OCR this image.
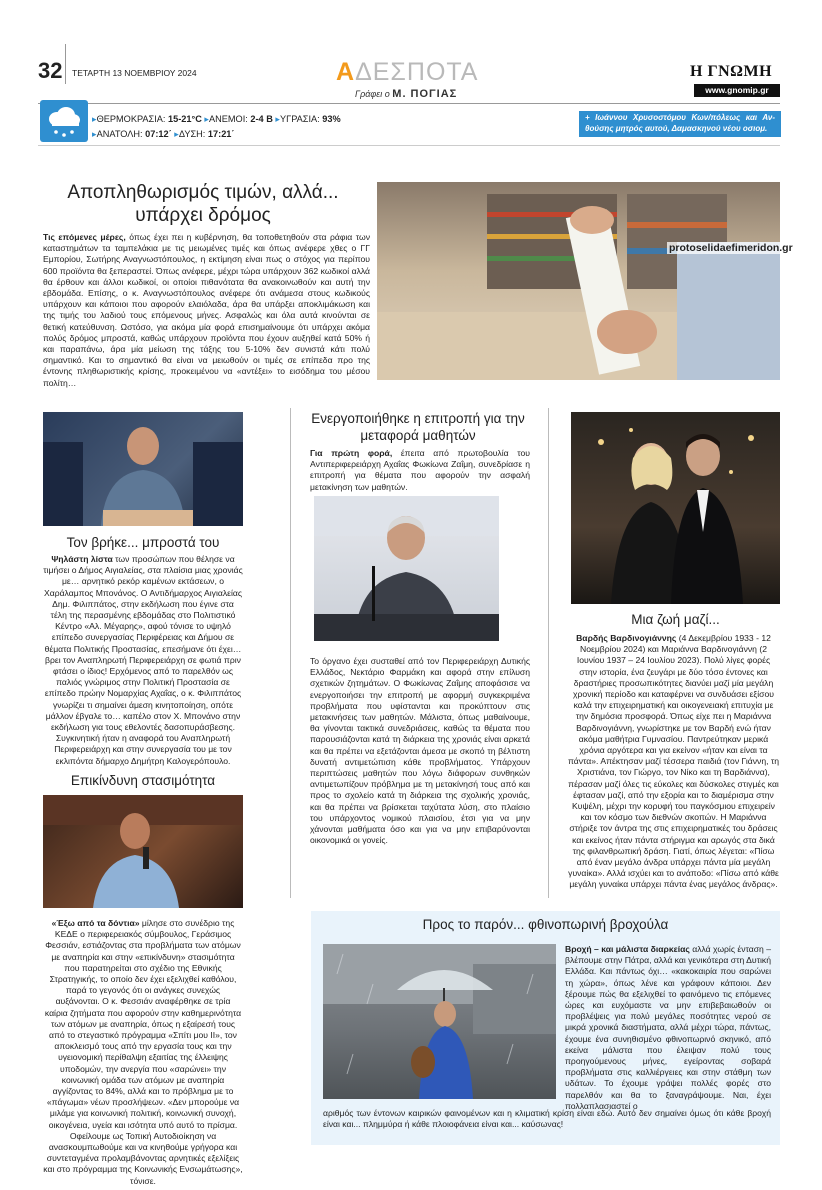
32 ΤΕΤΑΡΤΗ 13 ΝΟΕΜΒΡΙΟΥ 2024	ΑΔΕΣΠΟΤΑ
Γράφει ο Μ. ΠΟΓΙΑΣ
Η ΓΝΩΜΗ
www.gnomip.gr
▸ΘΕΡΜΟΚΡΑΣΙΑ: 15-21°C ▸ΑΝΕΜΟΙ: 2-4 Β ▸ΥΓΡΑΣΙΑ: 93%
▸ΑΝΑΤΟΛΗ: 07:12΄ ▸ΔΥΣΗ: 17:21΄
+ Ιωάννου Χρυσοστόμου Κων/πόλεως και Αν- θούσης μητρός αυτού, Δαμασκηνού νέου οσιομ.
Αποπληθωρισμός τιμών, αλλά... υπάρχει δρόμος
Τις επόμενες μέρες, όπως έχει πει η κυβέρνηση, θα τοποθετηθούν στα ράφια των καταστημάτων τα ταμπελάκια με τις μειωμένες τιμές και όπως ανέφερε χθες ο ΓΓ Εμπορίου, Σωτήρης Αναγνωστόπουλος, η εκτίμηση είναι πως ο στόχος για περίπου 600 προϊόντα θα ξεπεραστεί. Όπως ανέφερε, μέχρι τώρα υπάρχουν 362 κωδικοί αλλά θα έρθουν και άλλοι κωδικοί, οι οποίοι πιθανότατα θα ανακοινωθούν και αυτή την εβδομάδα. Επίσης, ο κ. Αναγνωστόπουλος ανέφερε ότι ανάμεσα στους κωδικούς υπάρχουν και κάποιοι που αφορούν ελαιόλαδα, άρα θα υπάρξει αποκλιμάκωση και της τιμής του λαδιού τους επόμενους μήνες. Ασφαλώς και όλα αυτά κινούνται σε θετική κατεύθυνση. Ωστόσο, για ακόμα μία φορά επισημαίνουμε ότι υπάρχει ακόμα πολύς δρόμος μπροστά, καθώς υπάρχουν προϊόντα που έχουν αυξηθεί κατά 50% ή και παραπάνω, άρα μία μείωση της τάξης του 5-10% δεν συνιστά κάτι πολύ σημαντικό. Και το σημαντικό θα είναι να μειωθούν οι τιμές σε επίπεδα προ της έντονης πληθωριστικής κρίσης, προκειμένου να «αντέξει» το εισόδημα του μέσου πολίτη…
protoselidaefimeridon.gr
Τον βρήκε... μπροστά του
Ψηλάστη λίστα των προσώπων που θέλησε να τιμήσει ο Δήμος Αιγιαλείας, στα πλαίσια μιας χρονιάς με… αρνητικό ρεκόρ καμένων εκτάσεων, ο Χαράλαμπος Μπονάνος. Ο Αντιδήμαρχος Αιγιαλείας Δημ. Φιλιππάτος, στην εκδήλωση που έγινε στα τέλη της περασμένης εβδομάδας στο Πολιτιστικό Κέντρο «Αλ. Μέγαρης», αφού τόνισε το υψηλό επίπεδο συνεργασίας Περιφέρειας και Δήμου σε θέματα Πολιτικής Προστασίας, επεσήμανε ότι έχει… βρει τον Αναπληρωτή Περιφερειάρχη σε φωτιά πριν φτάσει ο ίδιος! Ερχόμενος από το παρελθόν ως παλιός γνώριμος στην Πολιτική Προστασία σε επίπεδο πρώην Νομαρχίας Αχαΐας, ο κ. Φιλιππάτος γνωρίζει τι σημαίνει άμεση κινητοποίηση, οπότε μάλλον έβγαλε το… καπέλο στον Χ. Μπονάνο στην εκδήλωση για τους εθελοντές δασοπυράσβεσης. Συγκινητική ήταν η αναφορά του Αναπληρωτή Περιφερειάρχη και στην συνεργασία του με τον εκλιπόντα δήμαρχο Δημήτρη Καλογερόπουλο.
Επικίνδυνη στασιμότητα
«Έξω από τα δόντια» μίλησε στο συνέδριο της ΚΕΔΕ ο περιφερειακός σύμβουλος, Γεράσιμος Φεσσιάν, εστιάζοντας στα προβλήματα των ατόμων με αναπηρία και στην «επικίνδυνη» στασιμότητα που παρατηρείται στο σχέδιο της Εθνικής Στρατηγικής, το οποίο δεν έχει εξελιχθεί καθόλου, παρά το γεγονός ότι οι ανάγκες συνεχώς αυξάνονται. Ο κ. Φεσσιάν αναφέρθηκε σε τρία καίρια ζητήματα που αφορούν στην καθημερινότητα των ατόμων με αναπηρία, όπως η εξαίρεσή τους από το στεγαστικό πρόγραμμα «Σπίτι μου ΙΙ», τον αποκλεισμό τους από την εργασία τους και την υγειονομική περίθαλψη εξαιτίας της έλλειψης υποδομών, την ανεργία που «σαρώνει» την κοινωνική ομάδα των ατόμων με αναπηρία αγγίζοντας το 84%, αλλά και το πρόβλημα με το «πάγωμα» νέων προσλήψεων. «Δεν μπορούμε να μιλάμε για κοινωνική πολιτική, κοινωνική συνοχή, οικογένεια, υγεία και ισότητα υπό αυτό το πρίσμα. Οφείλουμε ως Τοπική Αυτοδιοίκηση να ανασκουμπωθούμε και να κινηθούμε γρήγορα και συντεταγμένα προλαμβάνοντας αρνητικές εξελίξεις και στο πρόγραμμα της Κοινωνικής Ενσωμάτωσης», τόνισε.
Ενεργοποιήθηκε η επιτροπή για την μεταφορά μαθητών
Για πρώτη φορά, έπειτα από πρωτοβουλία του Αντιπεριφερειάρχη Αχαΐας Φωκίωνα Ζαΐμη, συνεδρίασε η επιτροπή για θέματα που αφορούν την ασφαλή μετακίνηση των μαθητών.
Το όργανο έχει συσταθεί από τον Περιφερειάρχη Δυτικής Ελλάδος, Νεκτάριο Φαρμάκη και αφορά στην επίλυση σχετικών ζητημάτων. Ο Φωκίωνας Ζαΐμης αποφάσισε να ενεργοποιήσει την επιτροπή με αφορμή συγκεκριμένα προβλήματα που υφίστανται και προκύπτουν στις μετακινήσεις των μαθητών. Μάλιστα, όπως μαθαίνουμε, θα γίνονται τακτικά συνεδριάσεις, καθώς τα θέματα που παρουσιάζονται κατά τη διάρκεια της χρονιάς είναι αρκετά και θα πρέπει να εξετάζονται άμεσα με σκοπό τη βέλτιστη δυνατή αντιμετώπιση κάθε προβλήματος. Υπάρχουν περιπτώσεις μαθητών που λόγω διάφορων συνθηκών αντιμετωπίζουν πρόβλημα με τη μετακίνησή τους από και προς το σχολείο κατά τη διάρκεια της σχολικής χρονιάς, και θα πρέπει να βρίσκεται ταχύτατα λύση, στο πλαίσιο του υπάρχοντος νομικού πλαισίου, έτσι για να μην χάνονται μαθήματα όσο και για να μην επιβαρύνονται οικονομικά οι γονείς.
Μια ζωή μαζί...
Βαρδής Βαρδινογιάννης (4 Δεκεμβρίου 1933 - 12 Νοεμβρίου 2024) και Μαριάννα Βαρδινογιάννη (2 Ιουνίου 1937 – 24 Ιουλίου 2023). Πολύ λίγες φορές στην ιστορία, ένα ζευγάρι με δύο τόσο έντονες και δραστήριες προσωπικότητες διανύει μαζί μία μεγάλη χρονική περίοδο και καταφέρνει να συνδυάσει εξίσου καλά την επιχειρηματική και οικογενειακή επιτυχία με την δημόσια προσφορά. Όπως είχε πει η Μαριάννα Βαρδινογιάννη, γνωρίστηκε με τον Βαρδή ενώ ήταν ακόμα μαθήτρια Γυμνασίου. Παντρεύτηκαν μερικά χρόνια αργότερα και για εκείνον «ήταν και είναι τα πάντα». Απέκτησαν μαζί τέσσερα παιδιά (τον Γιάννη, τη Χριστιάνα, τον Γιώργο, τον Νίκο και τη Βαρδιάννα), πέρασαν μαζί όλες τις εύκολες και δύσκολες στιγμές και έφτασαν μαζί, από την εξορία και το διαμέρισμα στην Κυψέλη, μέχρι την κορυφή του παγκόσμιου επιχειρείν και τον κόσμο των διεθνών σκοπών. Η Μαριάννα στήριξε τον άντρα της στις επιχειρηματικές του δράσεις και εκείνος ήταν πάντα στήριγμα και αρωγός στα δικά της φιλανθρωπική δράση. Γιατί, όπως λέγεται: «Πίσω από έναν μεγάλο άνδρα υπάρχει πάντα μία μεγάλη γυναίκα». Αλλά ισχύει και το ανάποδο: «Πίσω από κάθε μεγάλη γυναίκα υπάρχει πάντα ένας μεγάλος άνδρας».
Προς το παρόν... φθινοπωρινή βροχούλα
Βροχή – και μάλιστα διαρκείας αλλά χωρίς ένταση – βλέπουμε στην Πάτρα, αλλά και γενικότερα στη Δυτική Ελλάδα. Και πάντως όχι… «κακοκαιρία που σαρώνει τη χώρα», όπως λένε και γράφουν κάποιοι. Δεν ξέρουμε πώς θα εξελιχθεί το φαινόμενο τις επόμενες ώρες και ευχόμαστε να μην επιβεβαιωθούν οι προβλέψεις για πολύ μεγάλες ποσότητες νερού σε μικρά χρονικά διαστήματα, αλλά μέχρι τώρα, πάντως, έχουμε ένα συνηθισμένο φθινοπωρινό σκηνικό, από εκείνα μάλιστα που έλειψαν πολύ τους προηγούμενους μήνες, εγείροντας σοβαρά προβλήματα στις καλλιέργειες και στην στάθμη των υδάτων. Το έχουμε γράψει πολλές φορές στο παρελθόν και θα το ξαναγράψουμε. Ναι, έχει πολλαπλασιαστεί ο
αριθμός των έντονων καιρικών φαινομένων και η κλιματική κρίση είναι εδώ. Αυτό δεν σημαίνει όμως ότι κάθε βροχή είναι και... πλημμύρα ή κάθε πλοιοφάνεια είναι και... καύσωνας!
